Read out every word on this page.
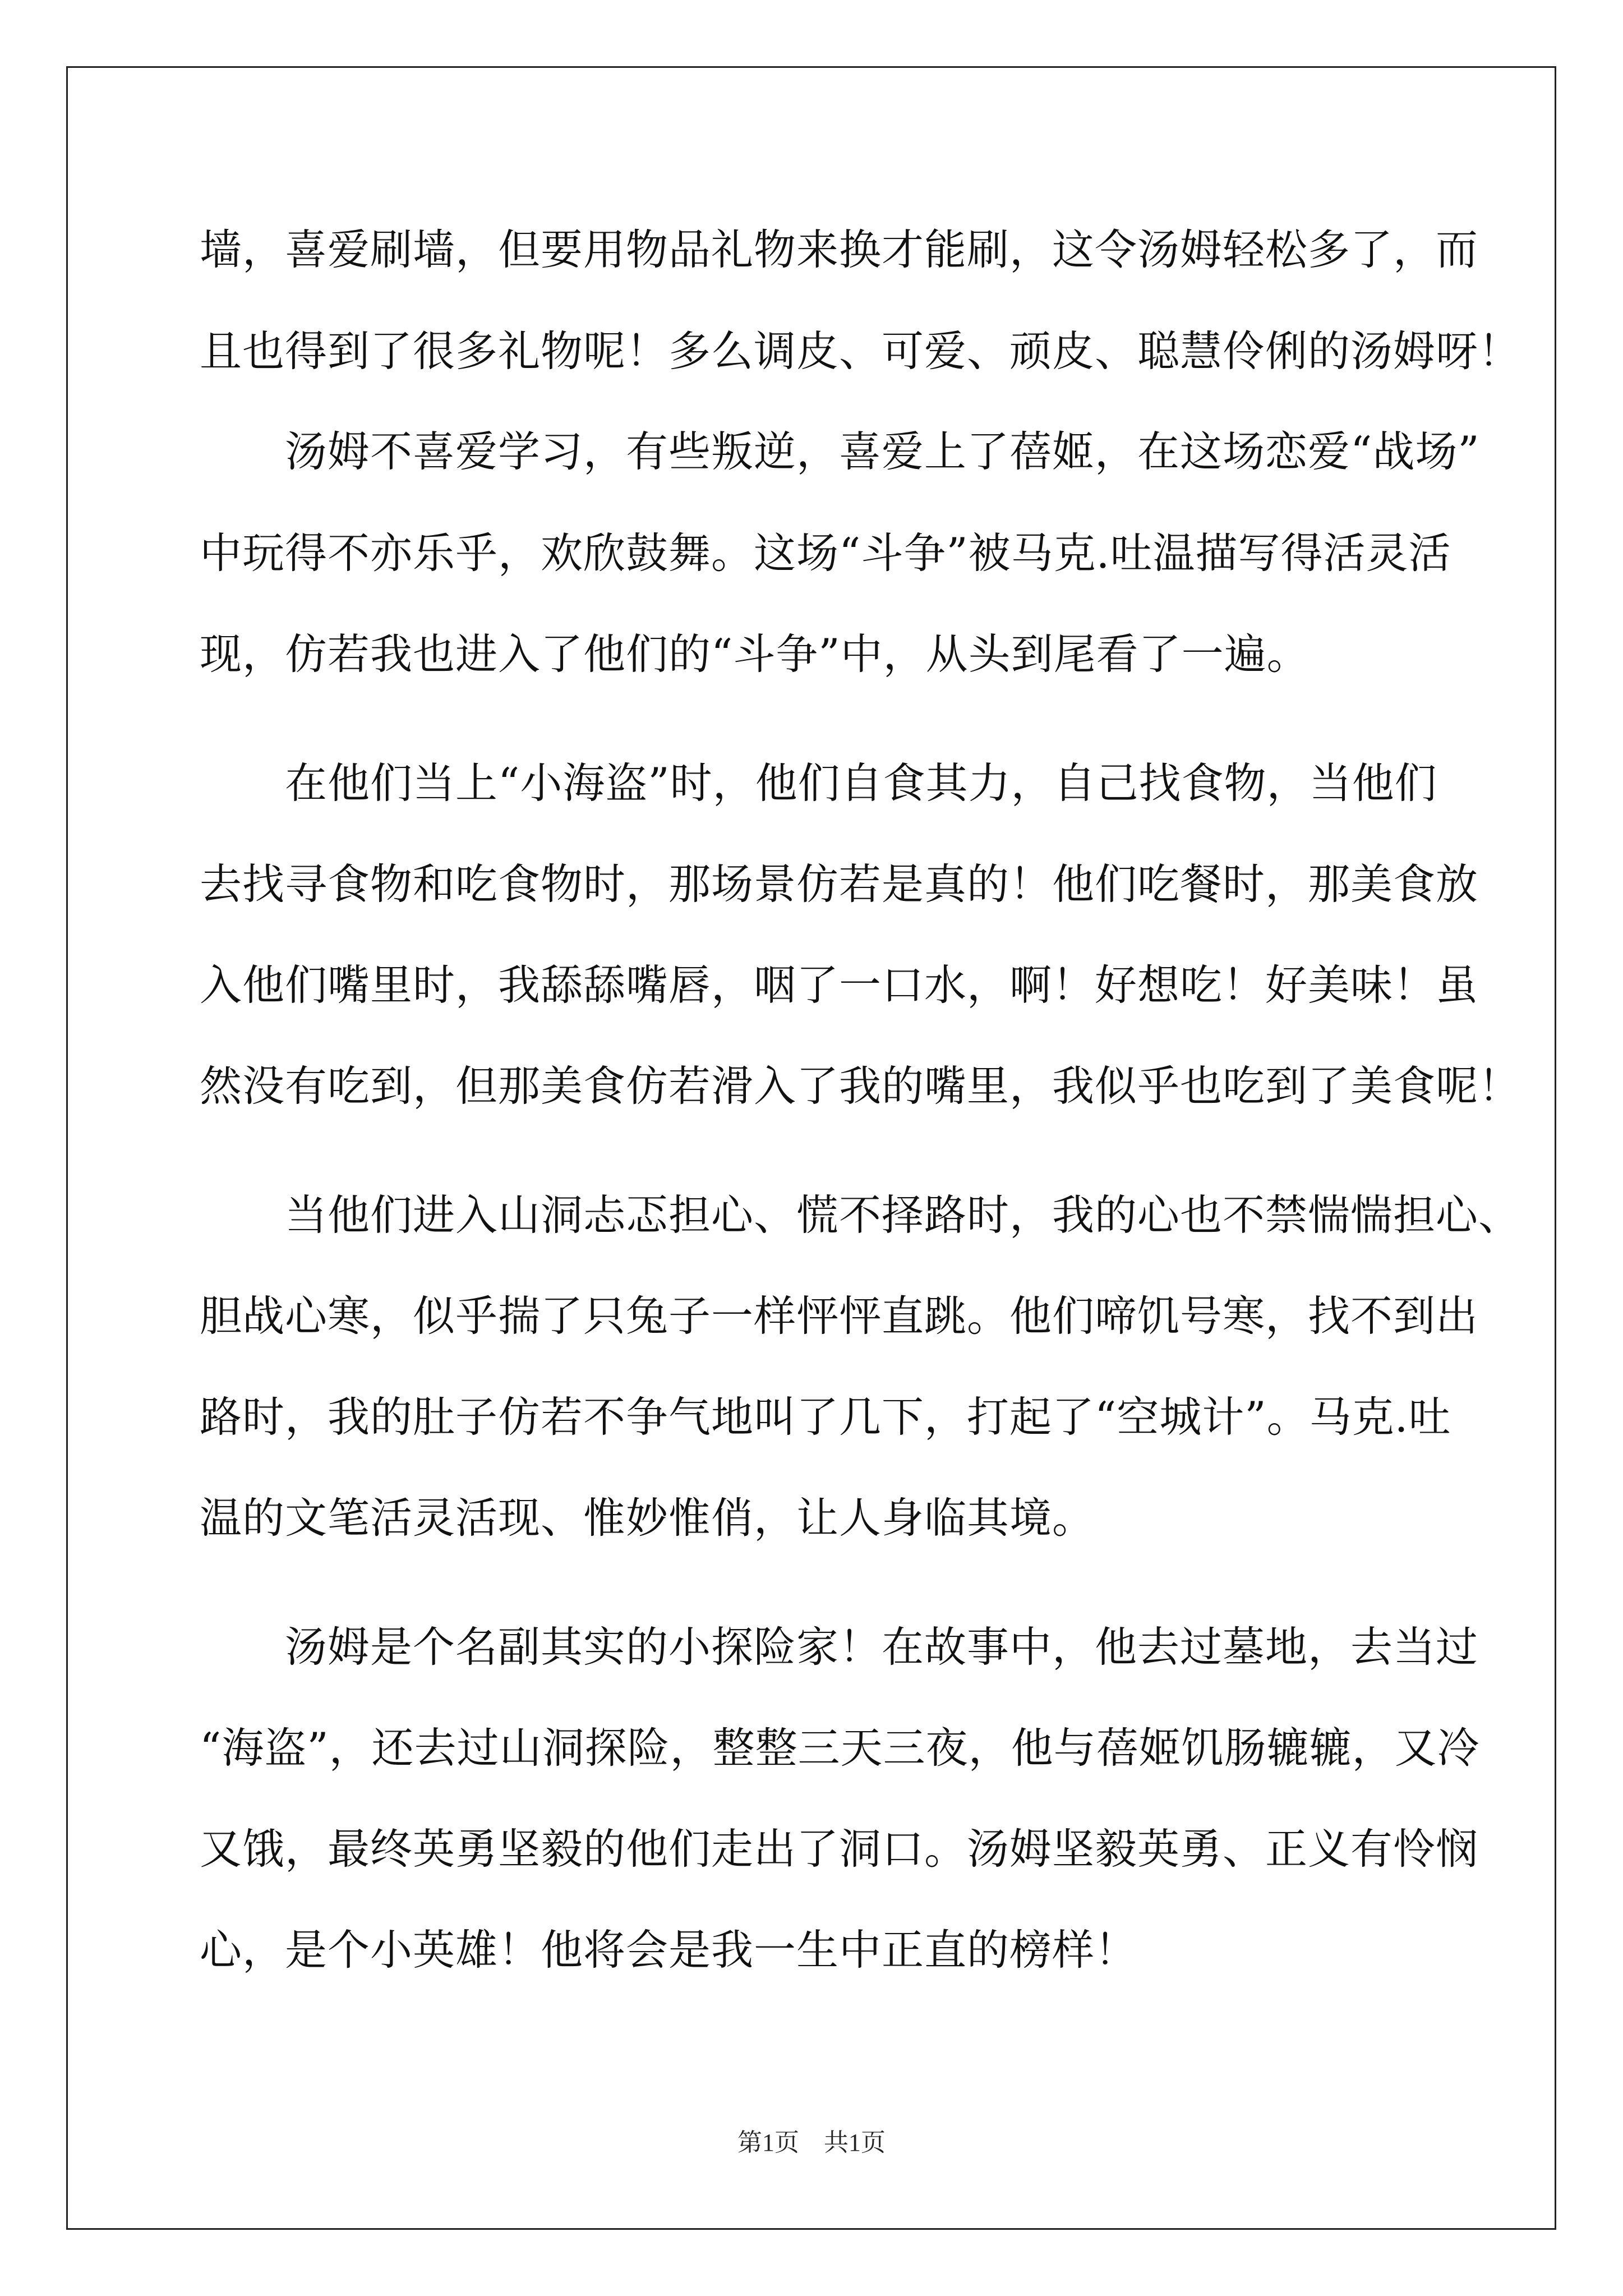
墙，喜爱刷墙，但要用物品礼物来换才能刷，这令汤姆轻松多了，而
且也得到了很多礼物呢！多么调皮、可爱、顽皮、聪慧伶俐的汤姆呀！
　　汤姆不喜爱学习，有些叛逆，喜爱上了蓓姬，在这场恋爱“战场”
中玩得不亦乐乎，欢欣鼓舞。这场“斗争”被马克.吐温描写得活灵活
现，仿若我也进入了他们的“斗争”中，从头到尾看了一遍。
　　在他们当上“小海盗”时，他们自食其力，自己找食物，当他们
去找寻食物和吃食物时，那场景仿若是真的！他们吃餐时，那美食放
入他们嘴里时，我舔舔嘴唇，咽了一口水，啊！好想吃！好美味！虽
然没有吃到，但那美食仿若滑入了我的嘴里，我似乎也吃到了美食呢！
　　当他们进入山洞忐忑担心、慌不择路时，我的心也不禁惴惴担心、
胆战心寒，似乎揣了只兔子一样怦怦直跳。他们啼饥号寒，找不到出
路时，我的肚子仿若不争气地叫了几下，打起了“空城计”。马克.吐
温的文笔活灵活现、惟妙惟俏，让人身临其境。
　　汤姆是个名副其实的小探险家！在故事中，他去过墓地，去当过
“海盗”，还去过山洞探险，整整三天三夜，他与蓓姬饥肠辘辘，又冷
又饿，最终英勇坚毅的他们走出了洞口。汤姆坚毅英勇、正义有怜悯
心，是个小英雄！他将会是我一生中正直的榜样！
第1页　共1页
